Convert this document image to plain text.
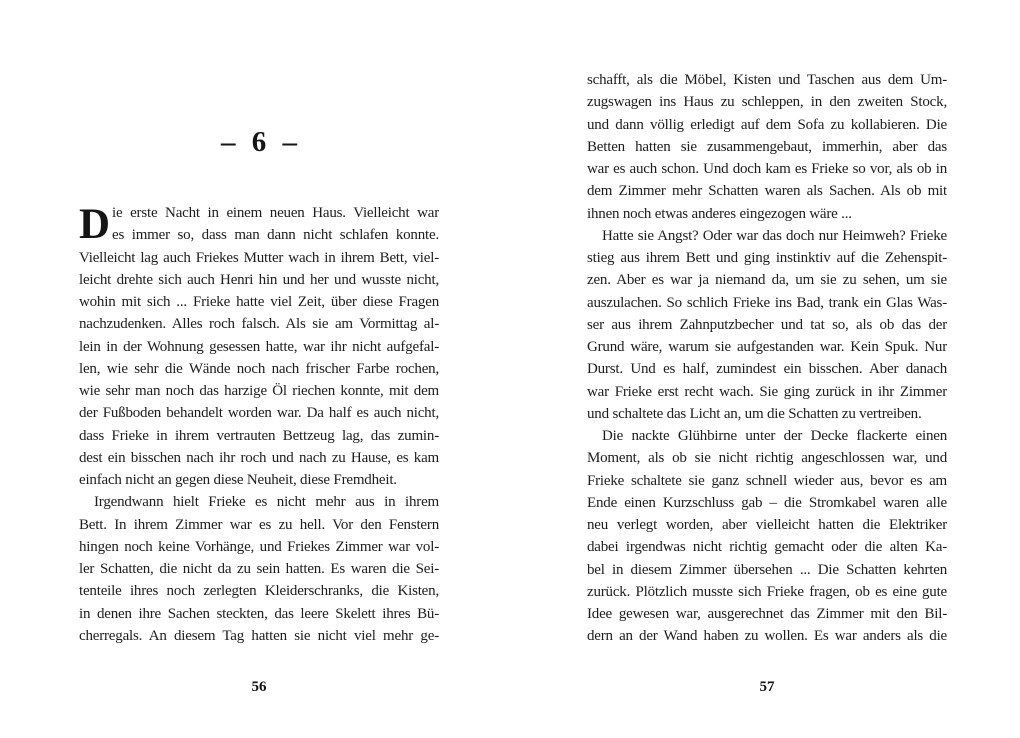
– 6 –
D ie erste Nacht in einem neuen Haus. Vielleicht war
es immer so, dass man dann nicht schlafen konnte.
Vielleicht lag auch Friekes Mutter wach in ihrem Bett, viel-
leicht drehte sich auch Henri hin und her und wusste nicht,
wohin mit sich ... Frieke hatte viel Zeit, über diese Fragen
nachzudenken. Alles roch falsch. Als sie am Vormittag al-
lein in der Wohnung gesessen hatte, war ihr nicht aufgefal-
len, wie sehr die Wände noch nach frischer Farbe rochen,
wie sehr man noch das harzige Öl riechen konnte, mit dem
der Fußboden behandelt worden war. Da half es auch nicht,
dass Frieke in ihrem vertrauten Bettzeug lag, das zumin-
dest ein bisschen nach ihr roch und nach zu Hause, es kam
einfach nicht an gegen diese Neuheit, diese Fremdheit.
Irgendwann hielt Frieke es nicht mehr aus in ihrem
Bett. In ihrem Zimmer war es zu hell. Vor den Fenstern
hingen noch keine Vorhänge, und Friekes Zimmer war vol-
ler Schatten, die nicht da zu sein hatten. Es waren die Sei-
tenteile ihres noch zerlegten Kleiderschranks, die Kisten,
in denen ihre Sachen steckten, das leere Skelett ihres Bü-
cherregals. An diesem Tag hatten sie nicht viel mehr ge-
56
schafft, als die Möbel, Kisten und Taschen aus dem Um-
zugswagen ins Haus zu schleppen, in den zweiten Stock,
und dann völlig erledigt auf dem Sofa zu kollabieren. Die
Betten hatten sie zusammengebaut, immerhin, aber das
war es auch schon. Und doch kam es Frieke so vor, als ob in
dem Zimmer mehr Schatten waren als Sachen. Als ob mit
ihnen noch etwas anderes eingezogen wäre ...
Hatte sie Angst? Oder war das doch nur Heimweh? Frieke
stieg aus ihrem Bett und ging instinktiv auf die Zehenspit-
zen. Aber es war ja niemand da, um sie zu sehen, um sie
auszulachen. So schlich Frieke ins Bad, trank ein Glas Was-
ser aus ihrem Zahnputzbecher und tat so, als ob das der
Grund wäre, warum sie aufgestanden war. Kein Spuk. Nur
Durst. Und es half, zumindest ein bisschen. Aber danach
war Frieke erst recht wach. Sie ging zurück in ihr Zimmer
und schaltete das Licht an, um die Schatten zu vertreiben.
Die nackte Glühbirne unter der Decke flackerte einen
Moment, als ob sie nicht richtig angeschlossen war, und
Frieke schaltete sie ganz schnell wieder aus, bevor es am
Ende einen Kurzschluss gab – die Stromkabel waren alle
neu verlegt worden, aber vielleicht hatten die Elektriker
dabei irgendwas nicht richtig gemacht oder die alten Ka-
bel in diesem Zimmer übersehen ... Die Schatten kehrten
zurück. Plötzlich musste sich Frieke fragen, ob es eine gute
Idee gewesen war, ausgerechnet das Zimmer mit den Bil-
dern an der Wand haben zu wollen. Es war anders als die
57
